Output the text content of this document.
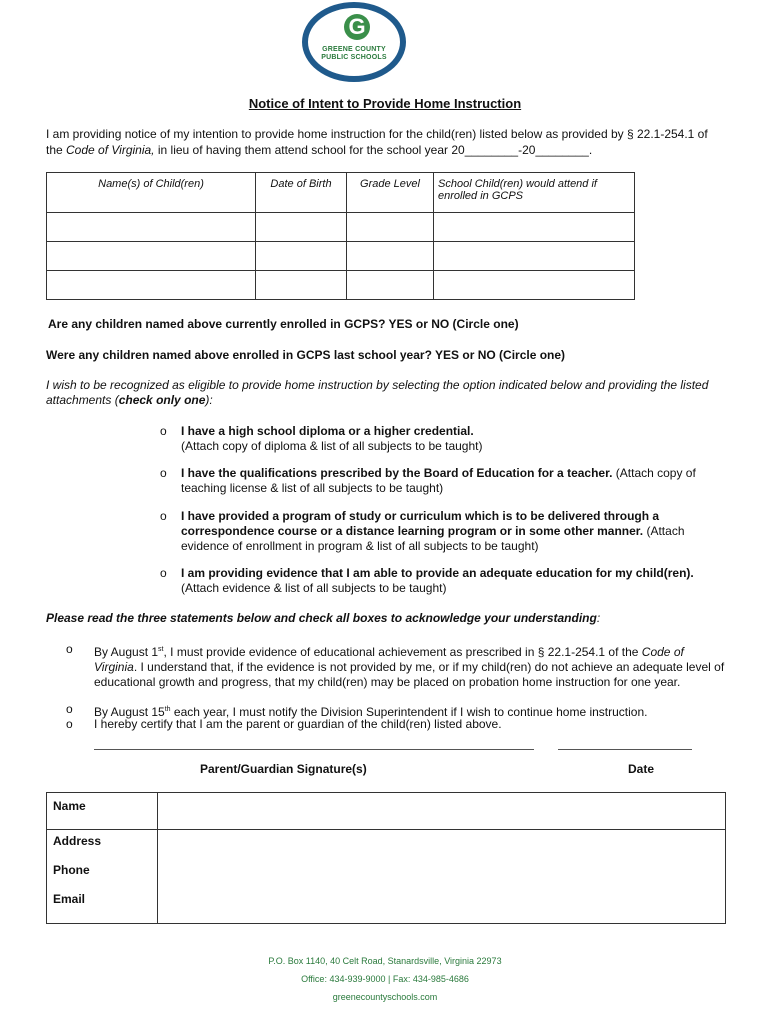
G
GREENE COUNTY
PUBLIC SCHOOLS
Notice of Intent to Provide Home Instruction
I am providing notice of my intention to provide home instruction for the child(ren) listed below as provided by § 22.1-254.1 of the Code of Virginia, in lieu of having them attend school for the school year 20________-20________.
Name(s) of Child(ren)	Date of Birth	Grade Level	School Child(ren) would attend if enrolled in GCPS

Are any children named above currently enrolled in GCPS? YES or NO (Circle one)
Were any children named above enrolled in GCPS last school year? YES or NO (Circle one)
I wish to be recognized as eligible to provide home instruction by selecting the option indicated below and providing the listed attachments (check only one):
o I have a high school diploma or a higher credential.
(Attach copy of diploma & list of all subjects to be taught)
o I have the qualifications prescribed by the Board of Education for a teacher. (Attach copy of teaching license & list of all subjects to be taught)
o I have provided a program of study or curriculum which is to be delivered through a correspondence course or a distance learning program or in some other manner. (Attach evidence of enrollment in program & list of all subjects to be taught)
o I am providing evidence that I am able to provide an adequate education for my child(ren).
(Attach evidence & list of all subjects to be taught)
Please read the three statements below and check all boxes to acknowledge your understanding:
o By August 1st, I must provide evidence of educational achievement as prescribed in § 22.1-254.1 of the Code of Virginia. I understand that, if the evidence is not provided by me, or if my child(ren) do not achieve an adequate level of educational growth and progress, that my child(ren) may be placed on probation home instruction for one year.
o By August 15th each year, I must notify the Division Superintendent if I wish to continue home instruction.
o I hereby certify that I am the parent or guardian of the child(ren) listed above.
Parent/Guardian Signature(s)	Date
Name	
Address	
Phone	
Email	
P.O. Box 1140, 40 Celt Road, Stanardsville, Virginia 22973
Office: 434-939-9000 | Fax: 434-985-4686
greenecountyschools.com
